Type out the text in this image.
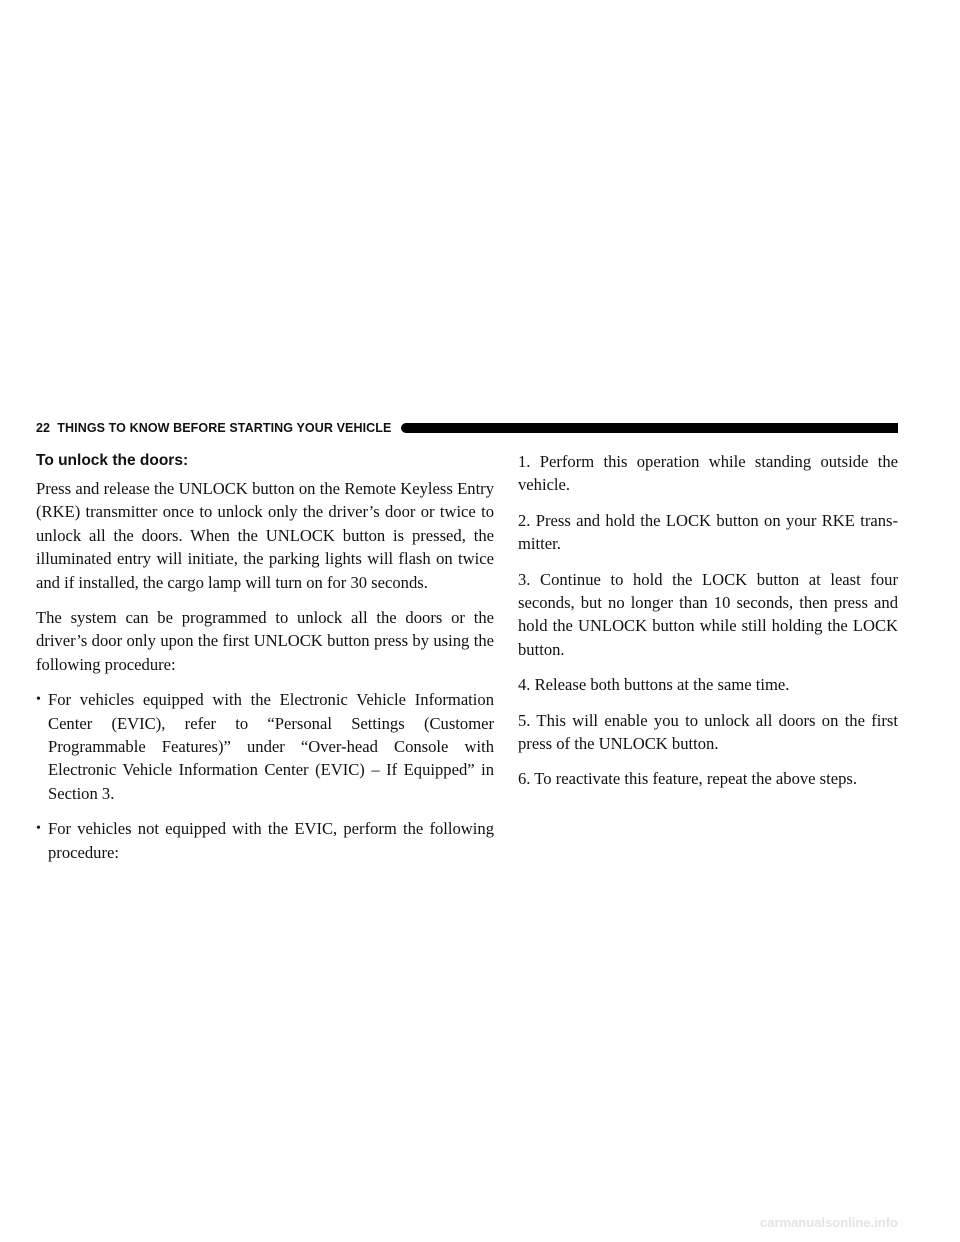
22 THINGS TO KNOW BEFORE STARTING YOUR VEHICLE
To unlock the doors:

Press and release the UNLOCK button on the Remote Keyless Entry (RKE) transmitter once to unlock only the driver’s door or twice to unlock all the doors. When the UNLOCK button is pressed, the illuminated entry will initiate, the parking lights will flash on twice and if installed, the cargo lamp will turn on for 30 seconds.

The system can be programmed to unlock all the doors or the driver’s door only upon the first UNLOCK button press by using the following procedure:

• For vehicles equipped with the Electronic Vehicle Information Center (EVIC), refer to “Personal Settings (Customer Programmable Features)” under “Over-head Console with Electronic Vehicle Information Center (EVIC) – If Equipped” in Section 3.
• For vehicles not equipped with the EVIC, perform the following procedure:

1. Perform this operation while standing outside the vehicle.

2. Press and hold the LOCK button on your RKE trans-mitter.

3. Continue to hold the LOCK button at least four seconds, but no longer than 10 seconds, then press and hold the UNLOCK button while still holding the LOCK button.

4. Release both buttons at the same time.

5. This will enable you to unlock all doors on the first press of the UNLOCK button.

6. To reactivate this feature, repeat the above steps.

carmanualsonline.info
